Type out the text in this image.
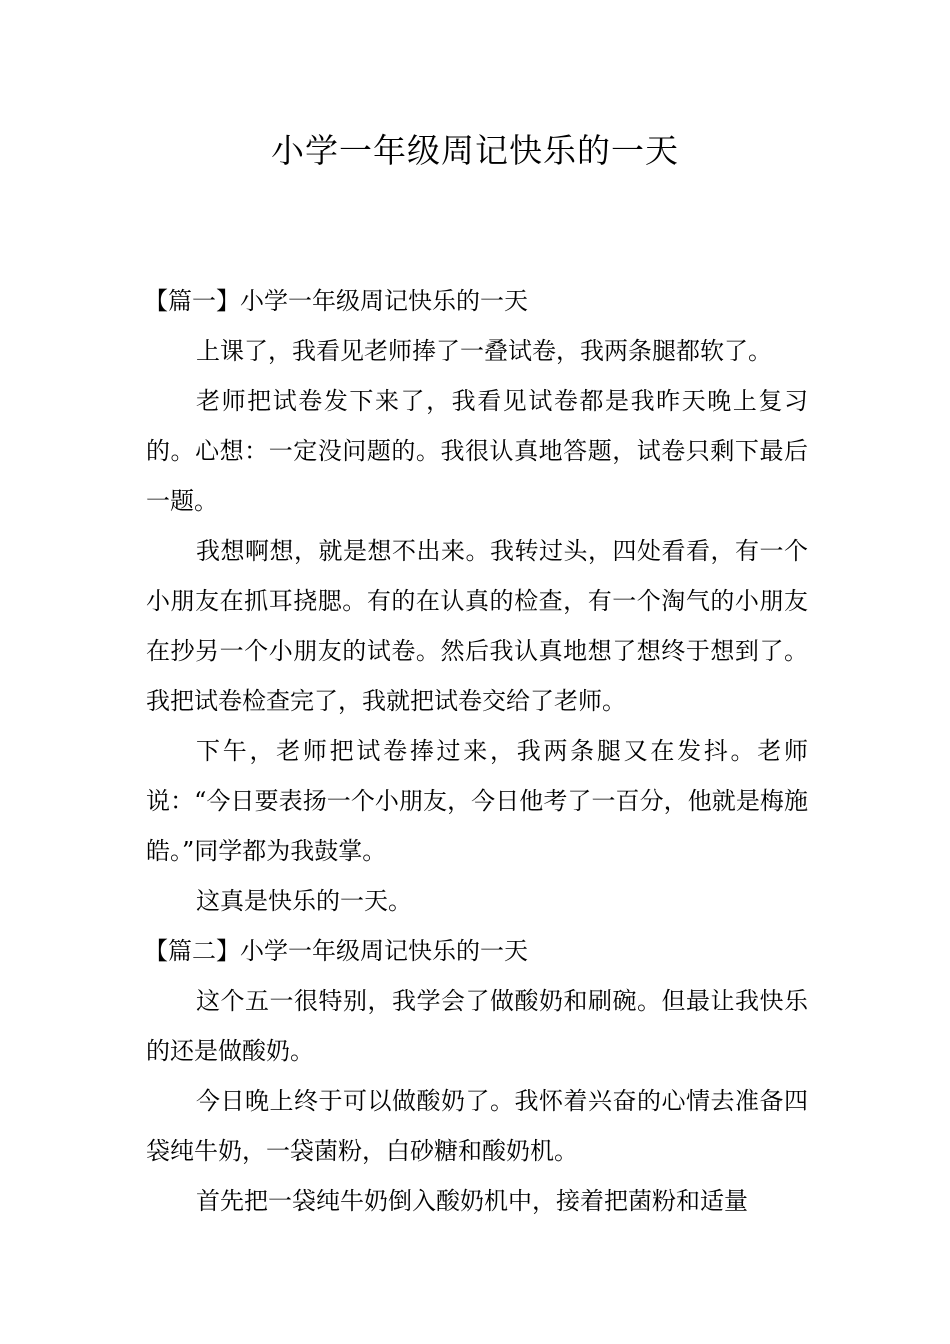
小学一年级周记快乐的一天

【篇一】小学一年级周记快乐的一天

上课了，我看见老师捧了一叠试卷，我两条腿都软了。

老师把试卷发下来了，我看见试卷都是我昨天晚上复习的。心想：一定没问题的。我很认真地答题，试卷只剩下最后一题。

我想啊想，就是想不出来。我转过头，四处看看，有一个小朋友在抓耳挠腮。有的在认真的检查，有一个淘气的小朋友在抄另一个小朋友的试卷。然后我认真地想了想终于想到了。我把试卷检查完了，我就把试卷交给了老师。

下午，老师把试卷捧过来，我两条腿又在发抖。老师说：“今日要表扬一个小朋友，今日他考了一百分，他就是梅施皓。”同学都为我鼓掌。

这真是快乐的一天。

【篇二】小学一年级周记快乐的一天

这个五一很特别，我学会了做酸奶和刷碗。但最让我快乐的还是做酸奶。

今日晚上终于可以做酸奶了。我怀着兴奋的心情去准备四袋纯牛奶，一袋菌粉，白砂糖和酸奶机。

首先把一袋纯牛奶倒入酸奶机中，接着把菌粉和适量
